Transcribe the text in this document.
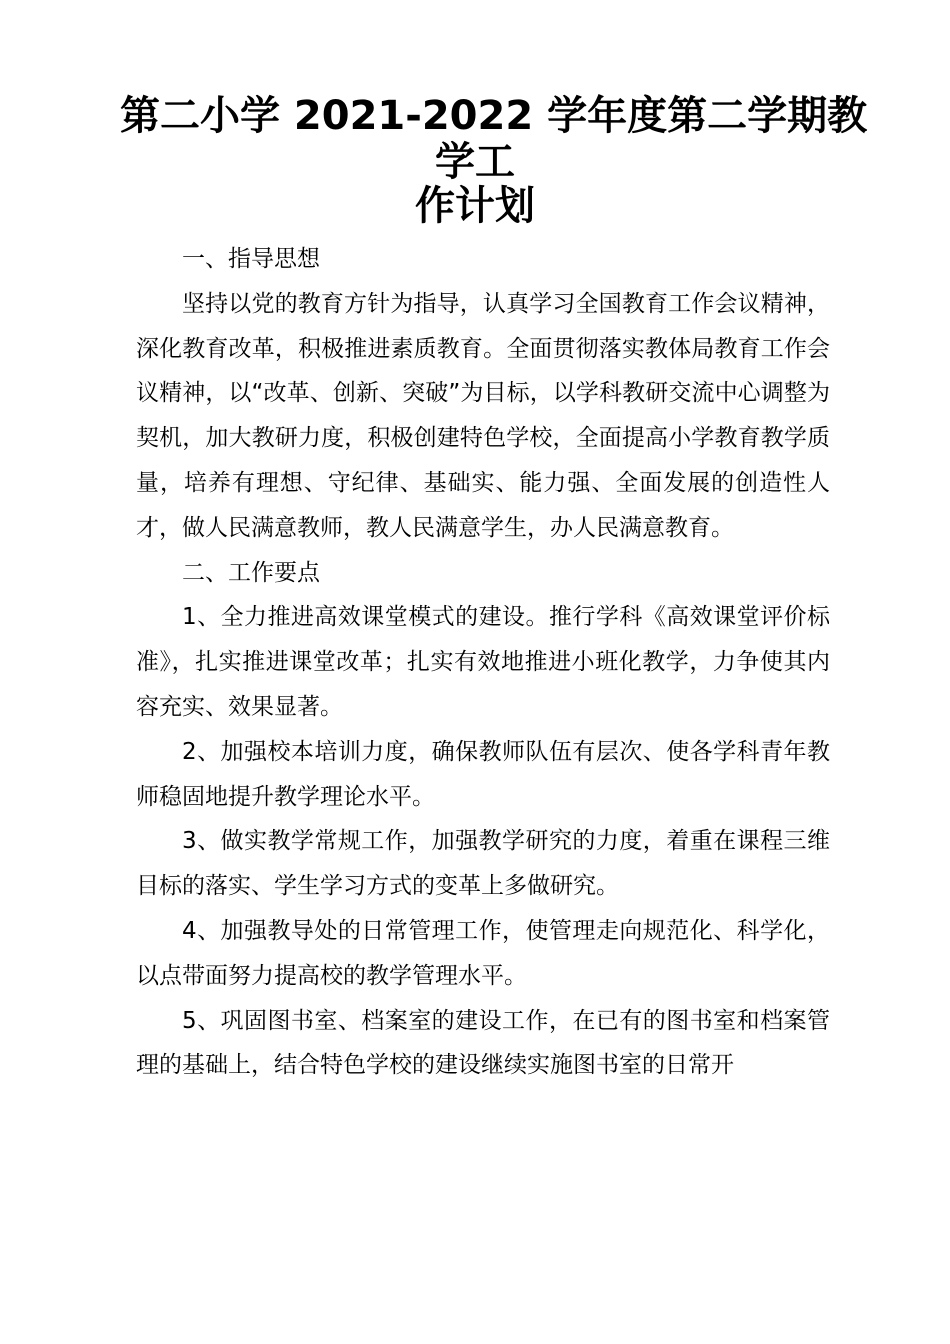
第二小学 2021-2022 学年度第二学期教
学工
作计划

一、指导思想

坚持以党的教育方针为指导，认真学习全国教育工作会议精神，深化教育改革，积极推进素质教育。全面贯彻落实教体局教育工作会议精神，以“改革、创新、突破”为目标，以学科教研交流中心调整为契机，加大教研力度，积极创建特色学校，全面提高小学教育教学质量，培养有理想、守纪律、基础实、能力强、全面发展的创造性人才，做人民满意教师，教人民满意学生，办人民满意教育。

二、工作要点

1、全力推进高效课堂模式的建设。推行学科《高效课堂评价标准》，扎实推进课堂改革；扎实有效地推进小班化教学，力争使其内容充实、效果显著。

2、加强校本培训力度，确保教师队伍有层次、使各学科青年教师稳固地提升教学理论水平。

3、做实教学常规工作，加强教学研究的力度，着重在课程三维目标的落实、学生学习方式的变革上多做研究。

4、加强教导处的日常管理工作，使管理走向规范化、科学化，以点带面努力提高校的教学管理水平。

5、巩固图书室、档案室的建设工作，在已有的图书室和档案管理的基础上，结合特色学校的建设继续实施图书室的日常开
